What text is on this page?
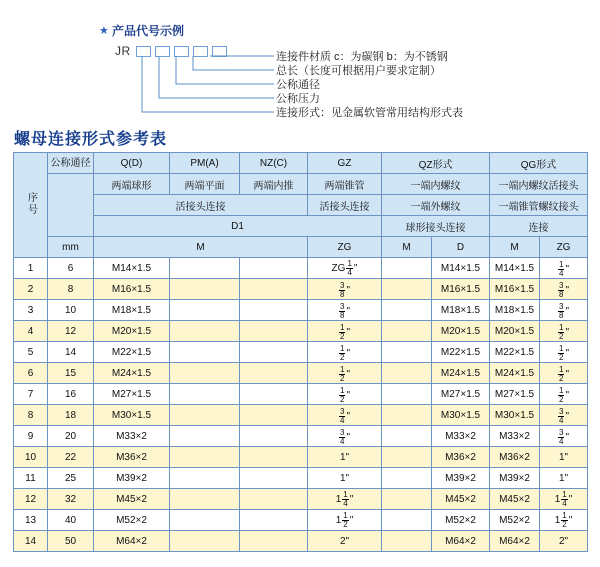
★ 产品代号示例
JR	连接件材质 c：为碳钢 b：为不锈钢
总长（长度可根据用户要求定制）
公称通径
公称压力
连接形式：见金属软管常用结构形式表
螺母连接形式参考表
序号	公称通径	Q(D)	PM(A)	NZ(C)	GZ	QZ形式		QG形式	
		两端球形	两端平面	两端内推	两端锥管	一端内螺纹		一端内螺纹活接头	
		活接头连接			活接头连接	一端外螺纹		一端锥管螺纹接头	
		D1				球形接头连接		连接	
	mm	M			ZG	M	D	M	ZG
1	6	M14×1.5			ZG $\frac{1}{4}$ "		M14×1.5	M14×1.5	$\frac{1}{4}$ "

2	8	M16×1.5			$\frac{3}{8}$ "		M16×1.5	M16×1.5	$\frac{3}{8}$ "

3	10	M18×1.5			$\frac{3}{8}$ "		M18×1.5	M18×1.5	$\frac{3}{8}$ "

4	12	M20×1.5			$\frac{1}{2}$ "		M20×1.5	M20×1.5	$\frac{1}{2}$ "

5	14	M22×1.5			$\frac{1}{2}$ "		M22×1.5	M22×1.5	$\frac{1}{2}$ "

6	15	M24×1.5			$\frac{1}{2}$ "		M24×1.5	M24×1.5	$\frac{1}{2}$ "

7	16	M27×1.5			$\frac{1}{2}$ "		M27×1.5	M27×1.5	$\frac{1}{2}$ "

8	18	M30×1.5			$\frac{3}{4}$ "		M30×1.5	M30×1.5	$\frac{3}{4}$ "

9	20	M33×2			$\frac{3}{4}$ "		M33×2	M33×2	$\frac{3}{4}$ "

10	22	M36×2			1"		M36×2	M36×2	1"

11	25	M39×2			1"		M39×2	M39×2	1"

12	32	M45×2			$1 \frac{1}{4}$ "		M45×2	M45×2	$1 \frac{1}{4}$ "

13	40	M52×2			$1 \frac{1}{2}$ "		M52×2	M52×2	$1 \frac{1}{2}$ "

14	50	M64×2			2"		M64×2	M64×2	2"
